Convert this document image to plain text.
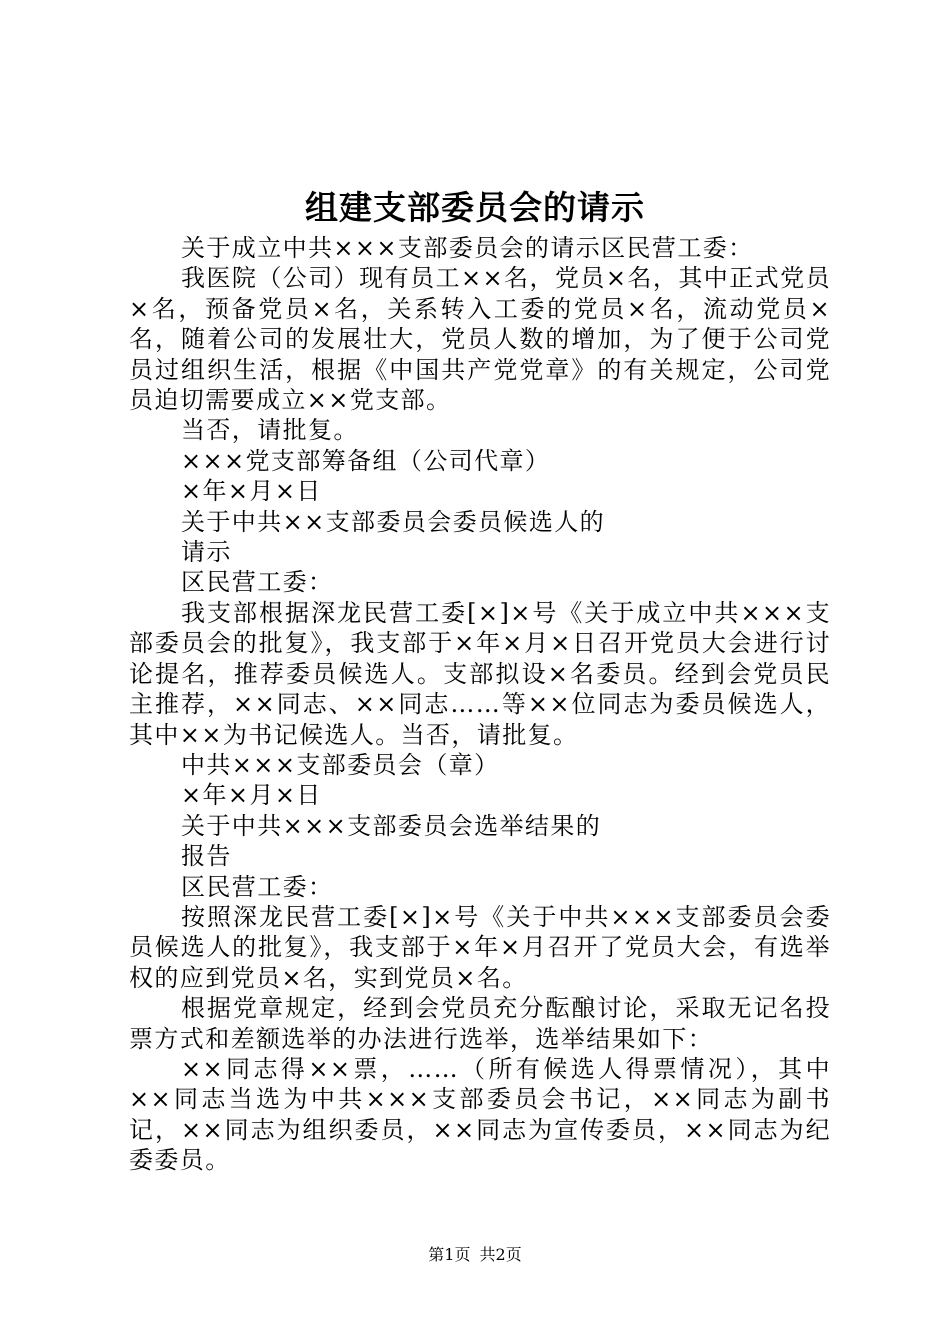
组建支部委员会的请示

关于成立中共×××支部委员会的请示区民营工委：

我医院（公司）现有员工××名，党员×名，其中正式党员×名，预备党员×名，关系转入工委的党员×名，流动党员×名，随着公司的发展壮大，党员人数的增加，为了便于公司党员过组织生活，根据《中国共产党党章》的有关规定，公司党员迫切需要成立××党支部。

当否，请批复。

×××党支部筹备组（公司代章）

×年×月×日

关于中共××支部委员会委员候选人的

请示

区民营工委：

我支部根据深龙民营工委[×]×号《关于成立中共×××支部委员会的批复》，我支部于×年×月×日召开党员大会进行讨论提名，推荐委员候选人。支部拟设×名委员。经到会党员民主推荐，××同志、××同志……等××位同志为委员候选人，其中××为书记候选人。当否，请批复。

中共×××支部委员会（章）

×年×月×日

关于中共×××支部委员会选举结果的

报告

区民营工委：

按照深龙民营工委[×]×号《关于中共×××支部委员会委员候选人的批复》，我支部于×年×月召开了党员大会，有选举权的应到党员×名，实到党员×名。

根据党章规定，经到会党员充分酝酿讨论，采取无记名投票方式和差额选举的办法进行选举，选举结果如下：

××同志得××票，……（所有候选人得票情况），其中××同志当选为中共×××支部委员会书记，××同志为副书记，××同志为组织委员，××同志为宣传委员，××同志为纪委委员。

第1页 共2页
